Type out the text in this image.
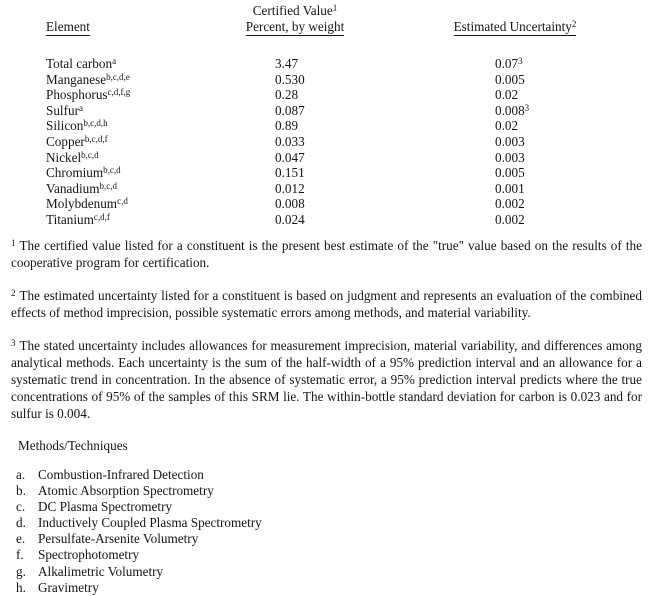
Certified Value$^1$
Element	Percent, by weight	Estimated Uncertainty$^2$
Total carbon$^a$	3.47	0.07$^3$
Manganese$^{b,c,d,e}$	0.530	0.005
Phosphorus$^{c,d,f,g}$	0.28	0.02
Sulfur$^a$	0.087	0.008$^3$
Silicon$^{b,c,d,h}$	0.89	0.02
Copper$^{b,c,d,f}$	0.033	0.003
Nickel$^{b,c,d}$	0.047	0.003
Chromium$^{b,c,d}$	0.151	0.005
Vanadium$^{b,c,d}$	0.012	0.001
Molybdenum$^{c,d}$	0.008	0.002
Titanium$^{c,d,f}$	0.024	0.002

$^1$ The certified value listed for a constituent is the present best estimate of the "true" value based on the results of the cooperative program for certification.

$^2$ The estimated uncertainty listed for a constituent is based on judgment and represents an evaluation of the combined effects of method imprecision, possible systematic errors among methods, and material variability.

$^3$ The stated uncertainty includes allowances for measurement imprecision, material variability, and differences among analytical methods. Each uncertainty is the sum of the half-width of a 95% prediction interval and an allowance for a systematic trend in concentration. In the absence of systematic error, a 95% prediction interval predicts where the true concentrations of 95% of the samples of this SRM lie. The within-bottle standard deviation for carbon is 0.023 and for sulfur is 0.004.

Methods/Techniques
a. Combustion-Infrared Detection
b. Atomic Absorption Spectrometry
c. DC Plasma Spectrometry
d. Inductively Coupled Plasma Spectrometry
e. Persulfate-Arsenite Volumetry
f.	Spectrophotometry
g. Alkalimetric Volumetry
h. Gravimetry
